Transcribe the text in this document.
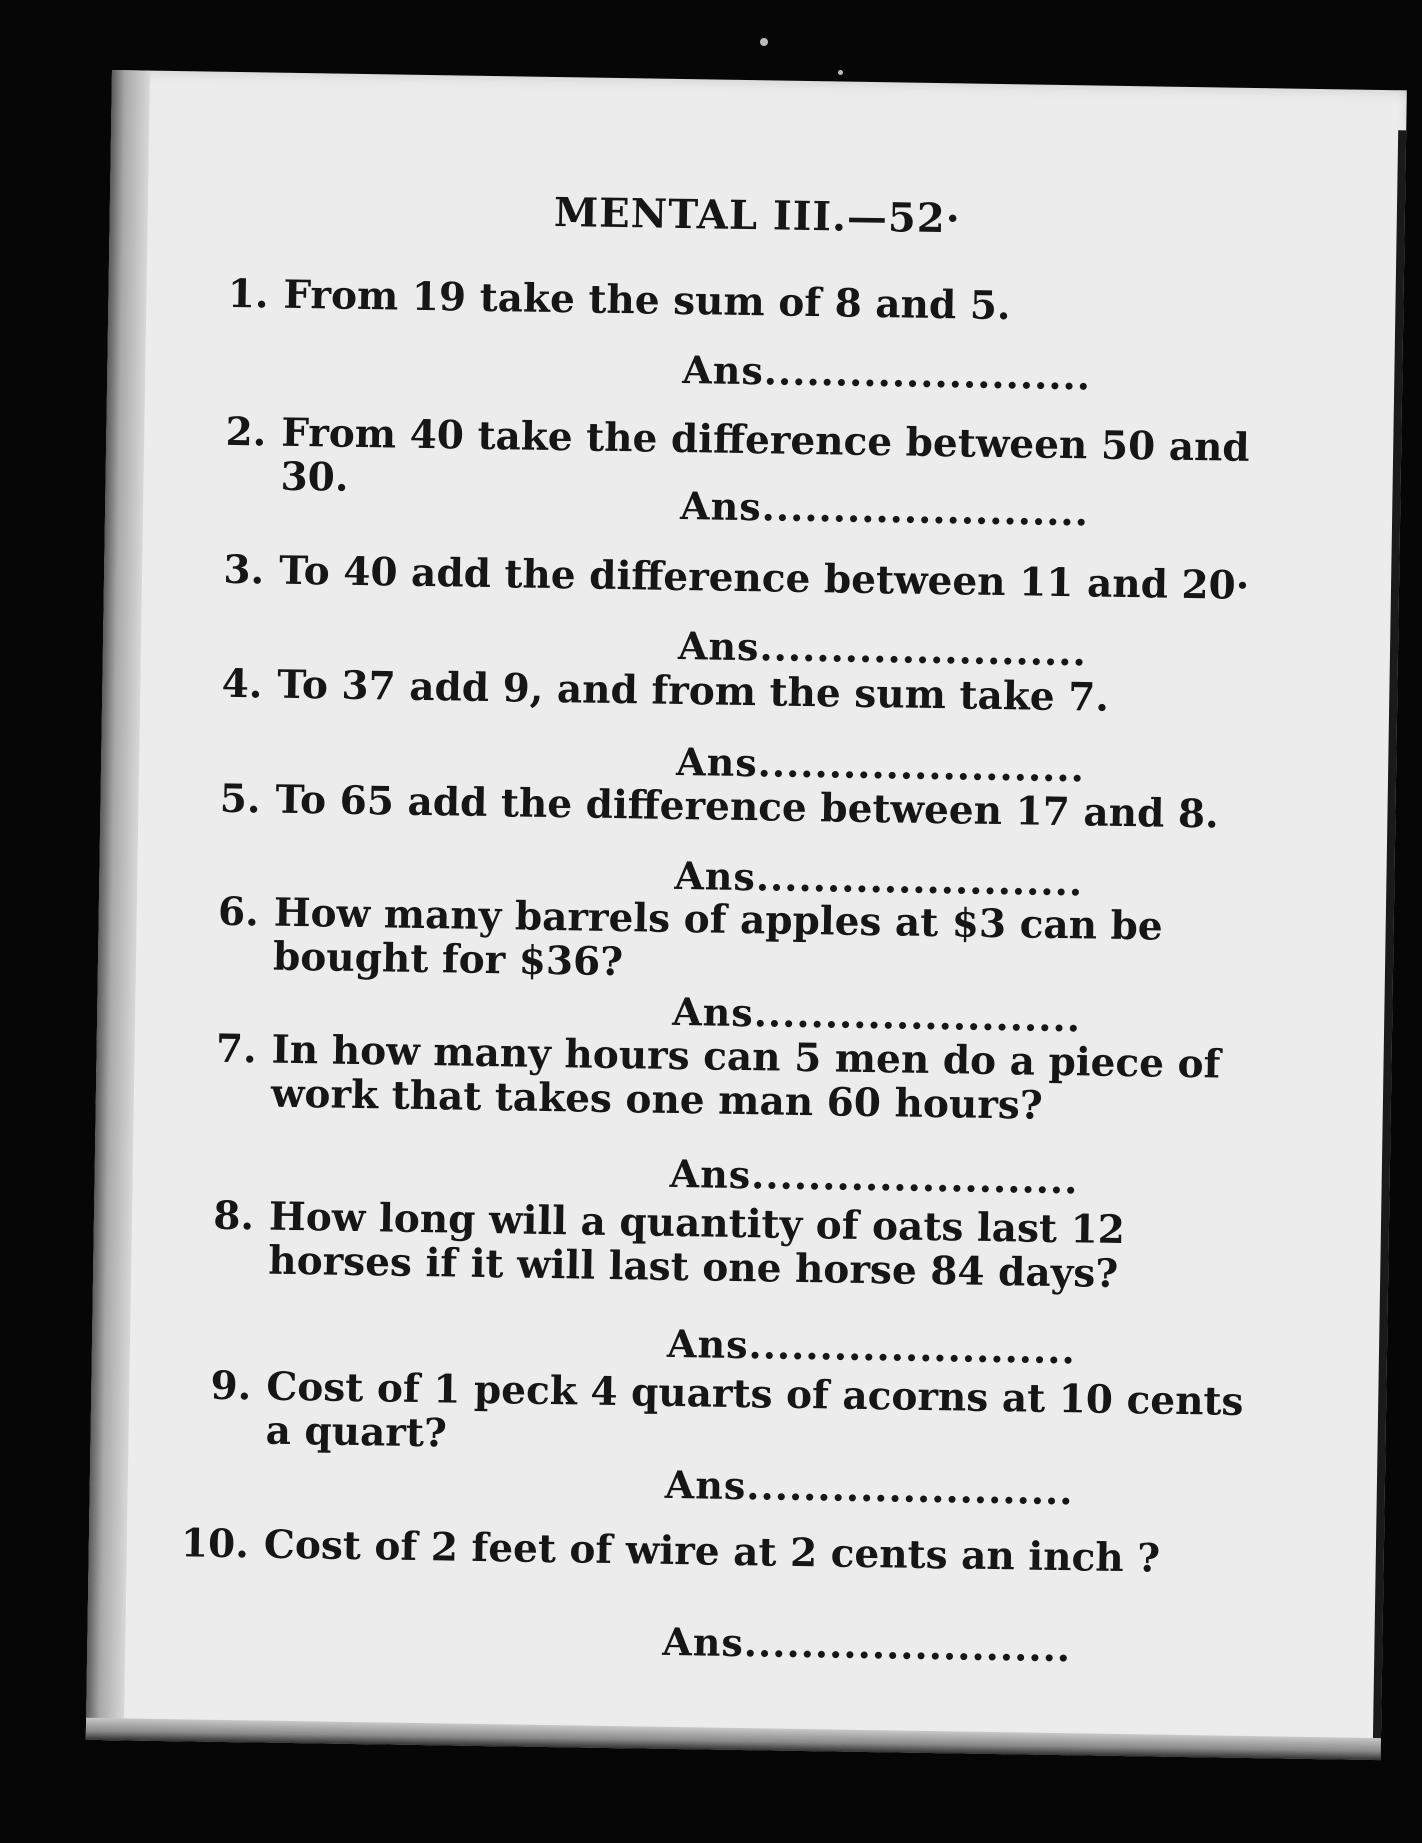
MENTAL III.—52·
1. From 19 take the sum of 8 and 5.
Ans.......................
2. From 40 take the difference between 50 and 30.
Ans.......................
3. To 40 add the difference between 11 and 20·
Ans.......................
4. To 37 add 9, and from the sum take 7.
Ans.......................
5. To 65 add the difference between 17 and 8.
Ans.......................
6. How many barrels of apples at $3 can be bought for $36?
Ans.......................
7. In how many hours can 5 men do a piece of work that takes one man 60 hours?
Ans.......................
8. How long will a quantity of oats last 12 horses if it will last one horse 84 days?
Ans.......................
9. Cost of 1 peck 4 quarts of acorns at 10 cents a quart?
Ans.......................
10. Cost of 2 feet of wire at 2 cents an inch ?
Ans.......................
